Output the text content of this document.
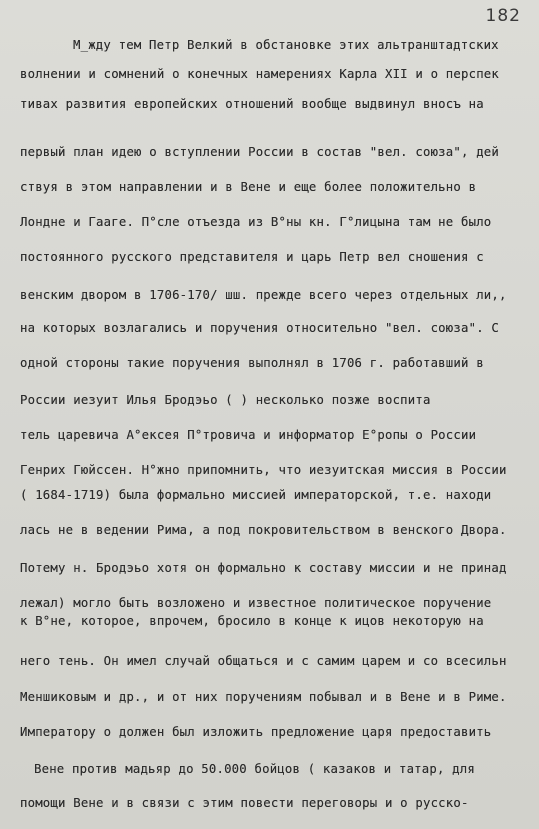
182
М_жду тем Петр Велкий в обстановке этих альтранштадтских
волнении и сомнений о конечных намерениях Карла XII и о перспек
тивах развития европейских отношений вообще выдвинул вносъ на
первый план идею о вступлении России в состав "вел. союза", дей
ствуя в этом направлении и в Вене и еще более положительно в
Лондне и Гааге. П°сле отъезда из В°ны кн. Г°лицына там не было
постоянного русского представителя и царь Петр вел сношения с
венским двором в 1706-170/ шш. прежде всего через отдельных ли,,
на которых возлагались и поручения относительно "вел. союза". С
одной стороны такие поручения выполнял в 1706 г. работавший в
России иезуит Илья Бродэьо ( ) несколько позже воспита
тель царевича А°ексея П°тровича и информатор Е°ропы о России
Генрих Гюйссен. Н°жно припомнить, что иезуитская миссия в России
( 1684-1719) была формально миссией императорской, т.е. находи
лась не в ведении Рима, а под покровительством в венского Двора.
Потему н. Бродэьо хотя он формально к составу миссии и не принад
лежал) могло быть возложено и известное политическое поручение
к В°не, которое, впрочем, бросило в конце к ицов некоторую на
него тень. Он имел случай общаться и с самим царем и со всесильн
Меншиковым и др., и от них поручениям побывал и в Вене и в Риме.
Императору о должен был изложить предложение царя предоставить
Вене против мадьяр до 50.000 бойцов ( казаков и татар, для
помощи Вене и в связи с этим повести переговоры и о русско-
